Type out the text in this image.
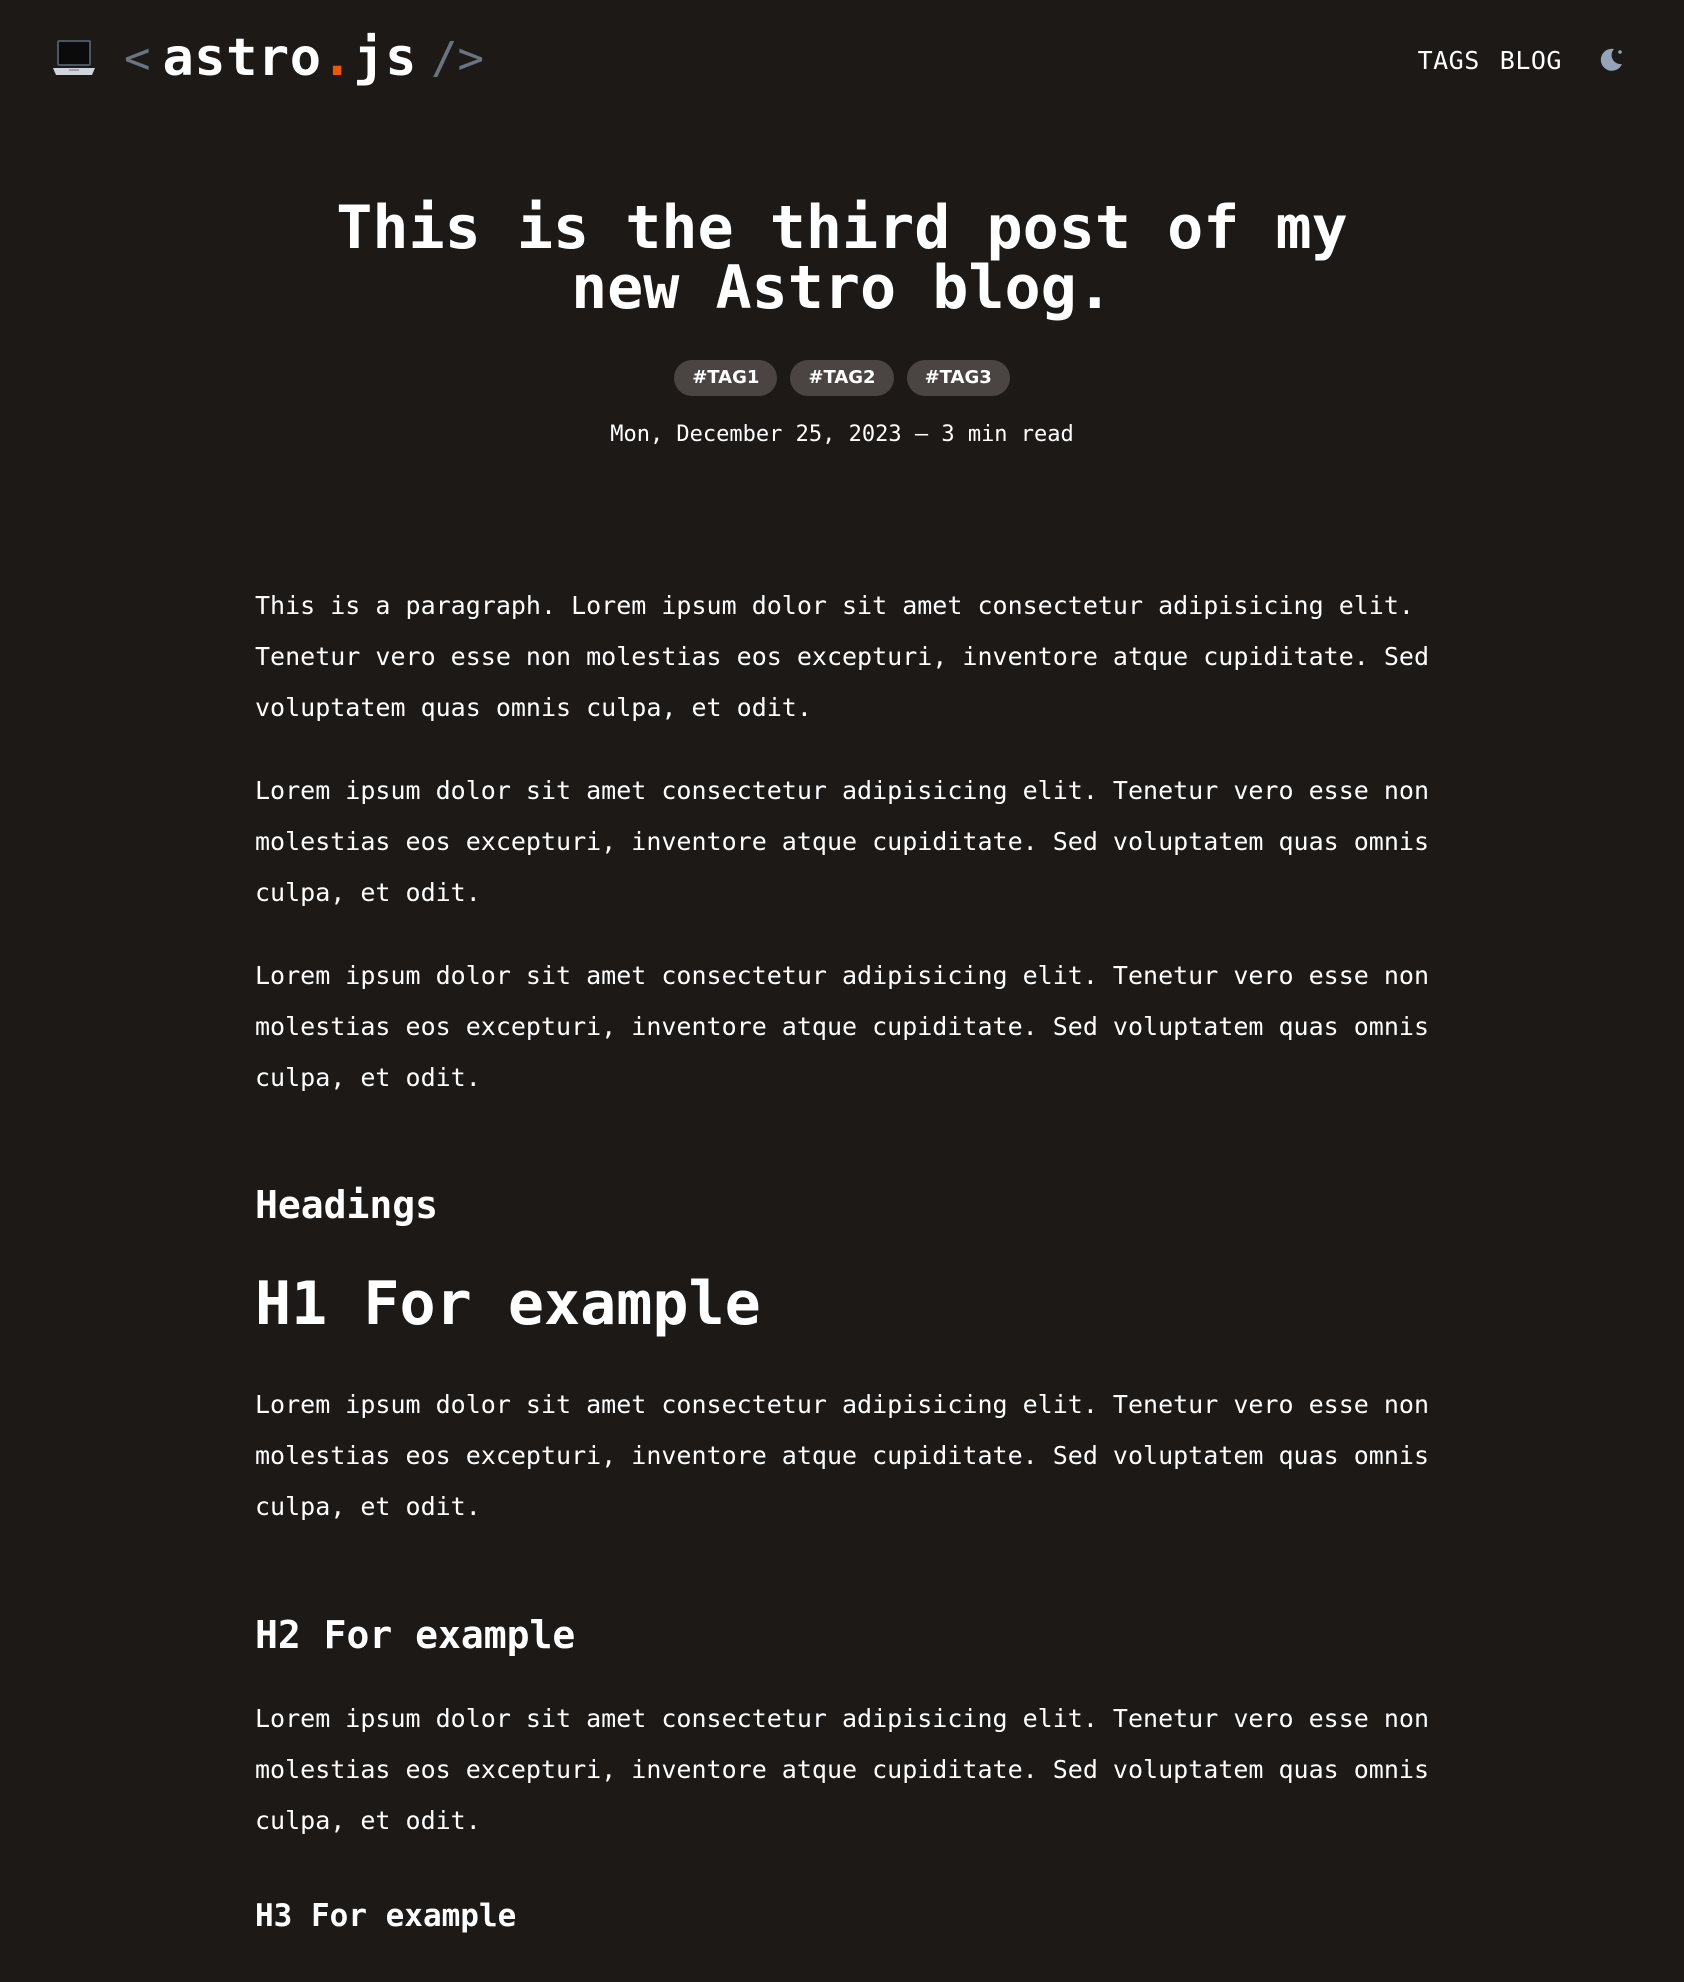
< astro.js />	TAGS BLOG
This is the third post of my new Astro blog.
#TAG1	#TAG2	#TAG3
Mon, December 25, 2023 — 3 min read

This is a paragraph. Lorem ipsum dolor sit amet consectetur adipisicing elit. Tenetur vero esse non molestias eos excepturi, inventore atque cupiditate. Sed voluptatem quas omnis culpa, et odit.

Lorem ipsum dolor sit amet consectetur adipisicing elit. Tenetur vero esse non molestias eos excepturi, inventore atque cupiditate. Sed voluptatem quas omnis culpa, et odit.

Lorem ipsum dolor sit amet consectetur adipisicing elit. Tenetur vero esse non molestias eos excepturi, inventore atque cupiditate. Sed voluptatem quas omnis culpa, et odit.

Headings
H1 For example

Lorem ipsum dolor sit amet consectetur adipisicing elit. Tenetur vero esse non molestias eos excepturi, inventore atque cupiditate. Sed voluptatem quas omnis culpa, et odit.

H2 For example

Lorem ipsum dolor sit amet consectetur adipisicing elit. Tenetur vero esse non molestias eos excepturi, inventore atque cupiditate. Sed voluptatem quas omnis culpa, et odit.

H3 For example
